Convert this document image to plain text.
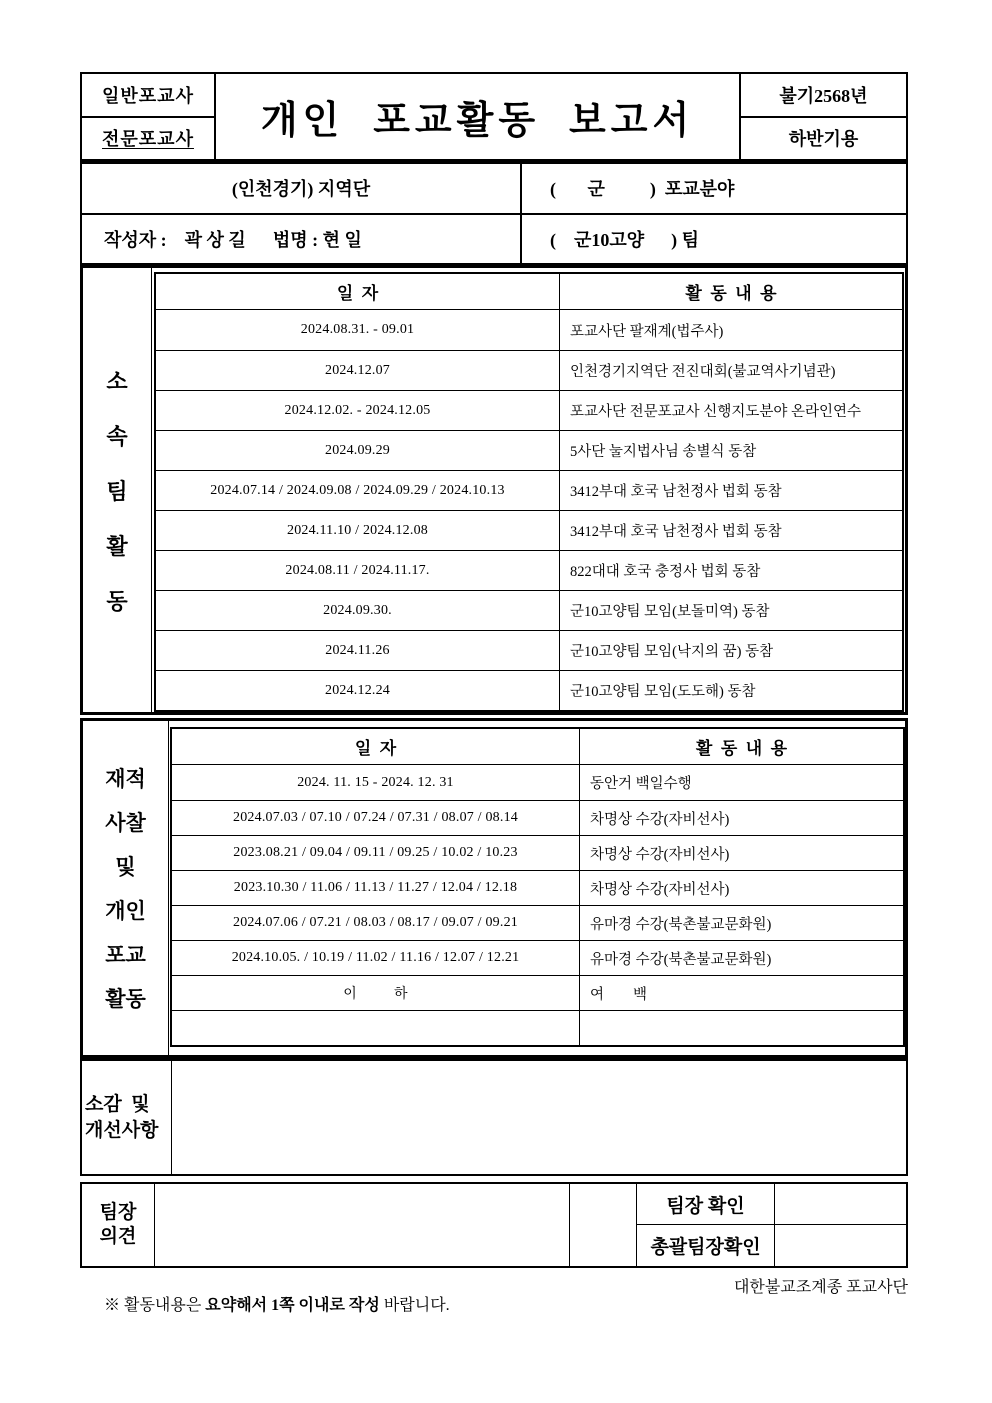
일반포교사
전문포교사	개인  포교활동  보고서
불기2568년
하반기용
(인천경기) 지역단	(       군          )  포교분야
작성자 :    곽 상 길      법명 : 현 일	(    군10고양      ) 팀
소
속
팀
활
동
일  자	활  동  내  용
2024.08.31. - 09.01	포교사단 팔재계(법주사)
2024.12.07	인천경기지역단 전진대회(불교역사기념관)
2024.12.02. - 2024.12.05	포교사단 전문포교사 신행지도분야 온라인연수
2024.09.29	5사단 눌지법사님 송별식 동참
2024.07.14 / 2024.09.08 / 2024.09.29 / 2024.10.13	3412부대 호국 남천정사 법회 동참
2024.11.10 / 2024.12.08	3412부대 호국 남천정사 법회 동참
2024.08.11 / 2024.11.17.	822대대 호국 충정사 법회 동참
2024.09.30.	군10고양팀 모임(보돌미역) 동참
2024.11.26	군10고양팀 모임(낙지의 꿈) 동참
2024.12.24	군10고양팀 모임(도도해) 동참
재적
사찰
및
개인
포교
활동
일  자	활  동  내  용
2024. 11. 15 - 2024. 12. 31	동안거 백일수행
2024.07.03 / 07.10 / 07.24 / 07.31 / 08.07 / 08.14	차명상 수강(자비선사)
2023.08.21 / 09.04 / 09.11 / 09.25 / 10.02 / 10.23	차명상 수강(자비선사)
2023.10.30 / 11.06 / 11.13 / 11.27 / 12.04 / 12.18	차명상 수강(자비선사)
2024.07.06 / 07.21 / 08.03 / 08.17 / 09.07 / 09.21	유마경 수강(북촌불교문화원)
2024.10.05. / 10.19 / 11.02 / 11.16 / 12.07 / 12.21	유마경 수강(북촌불교문화원)
이          하	여        백
소감  및
개선사항
팀장
의견
팀장 확인
총괄팀장확인

※ 활동내용은 요약해서 1쪽 이내로 작성 바랍니다.

대한불교조계종 포교사단
